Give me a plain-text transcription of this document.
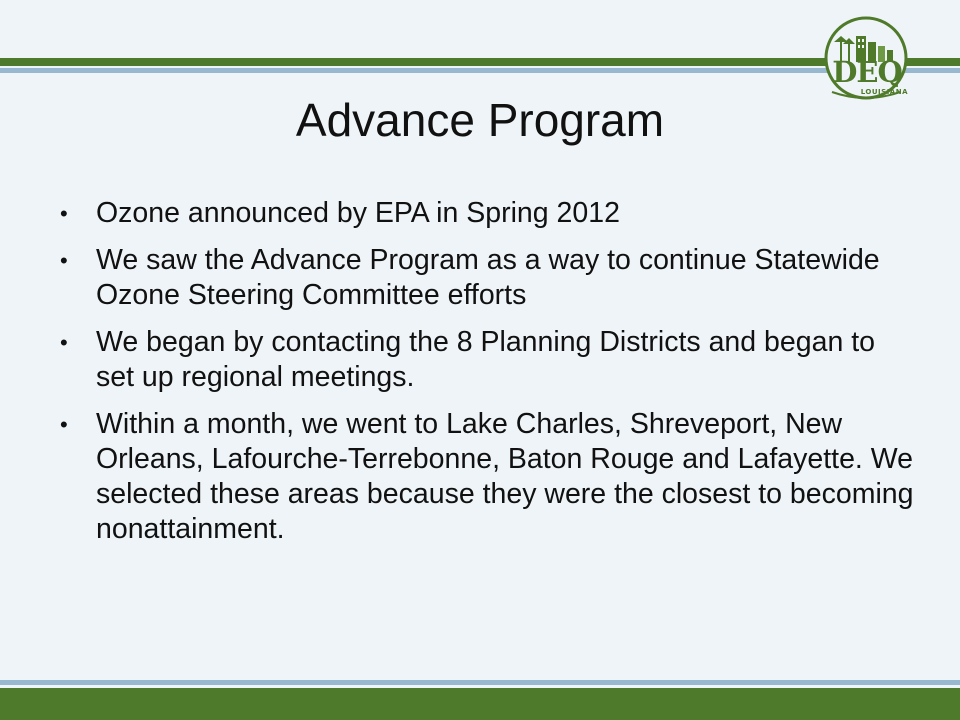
DEQ
LOUISIANA
Advance Program
• Ozone announced by EPA in Spring 2012
• We saw the Advance Program as a way to continue Statewide Ozone Steering Committee efforts
• We began by contacting the 8 Planning Districts and began to set up regional meetings.
• Within a month, we went to Lake Charles, Shreveport, New Orleans, Lafourche-Terrebonne, Baton Rouge and Lafayette. We selected these areas because they were the closest to becoming nonattainment.
